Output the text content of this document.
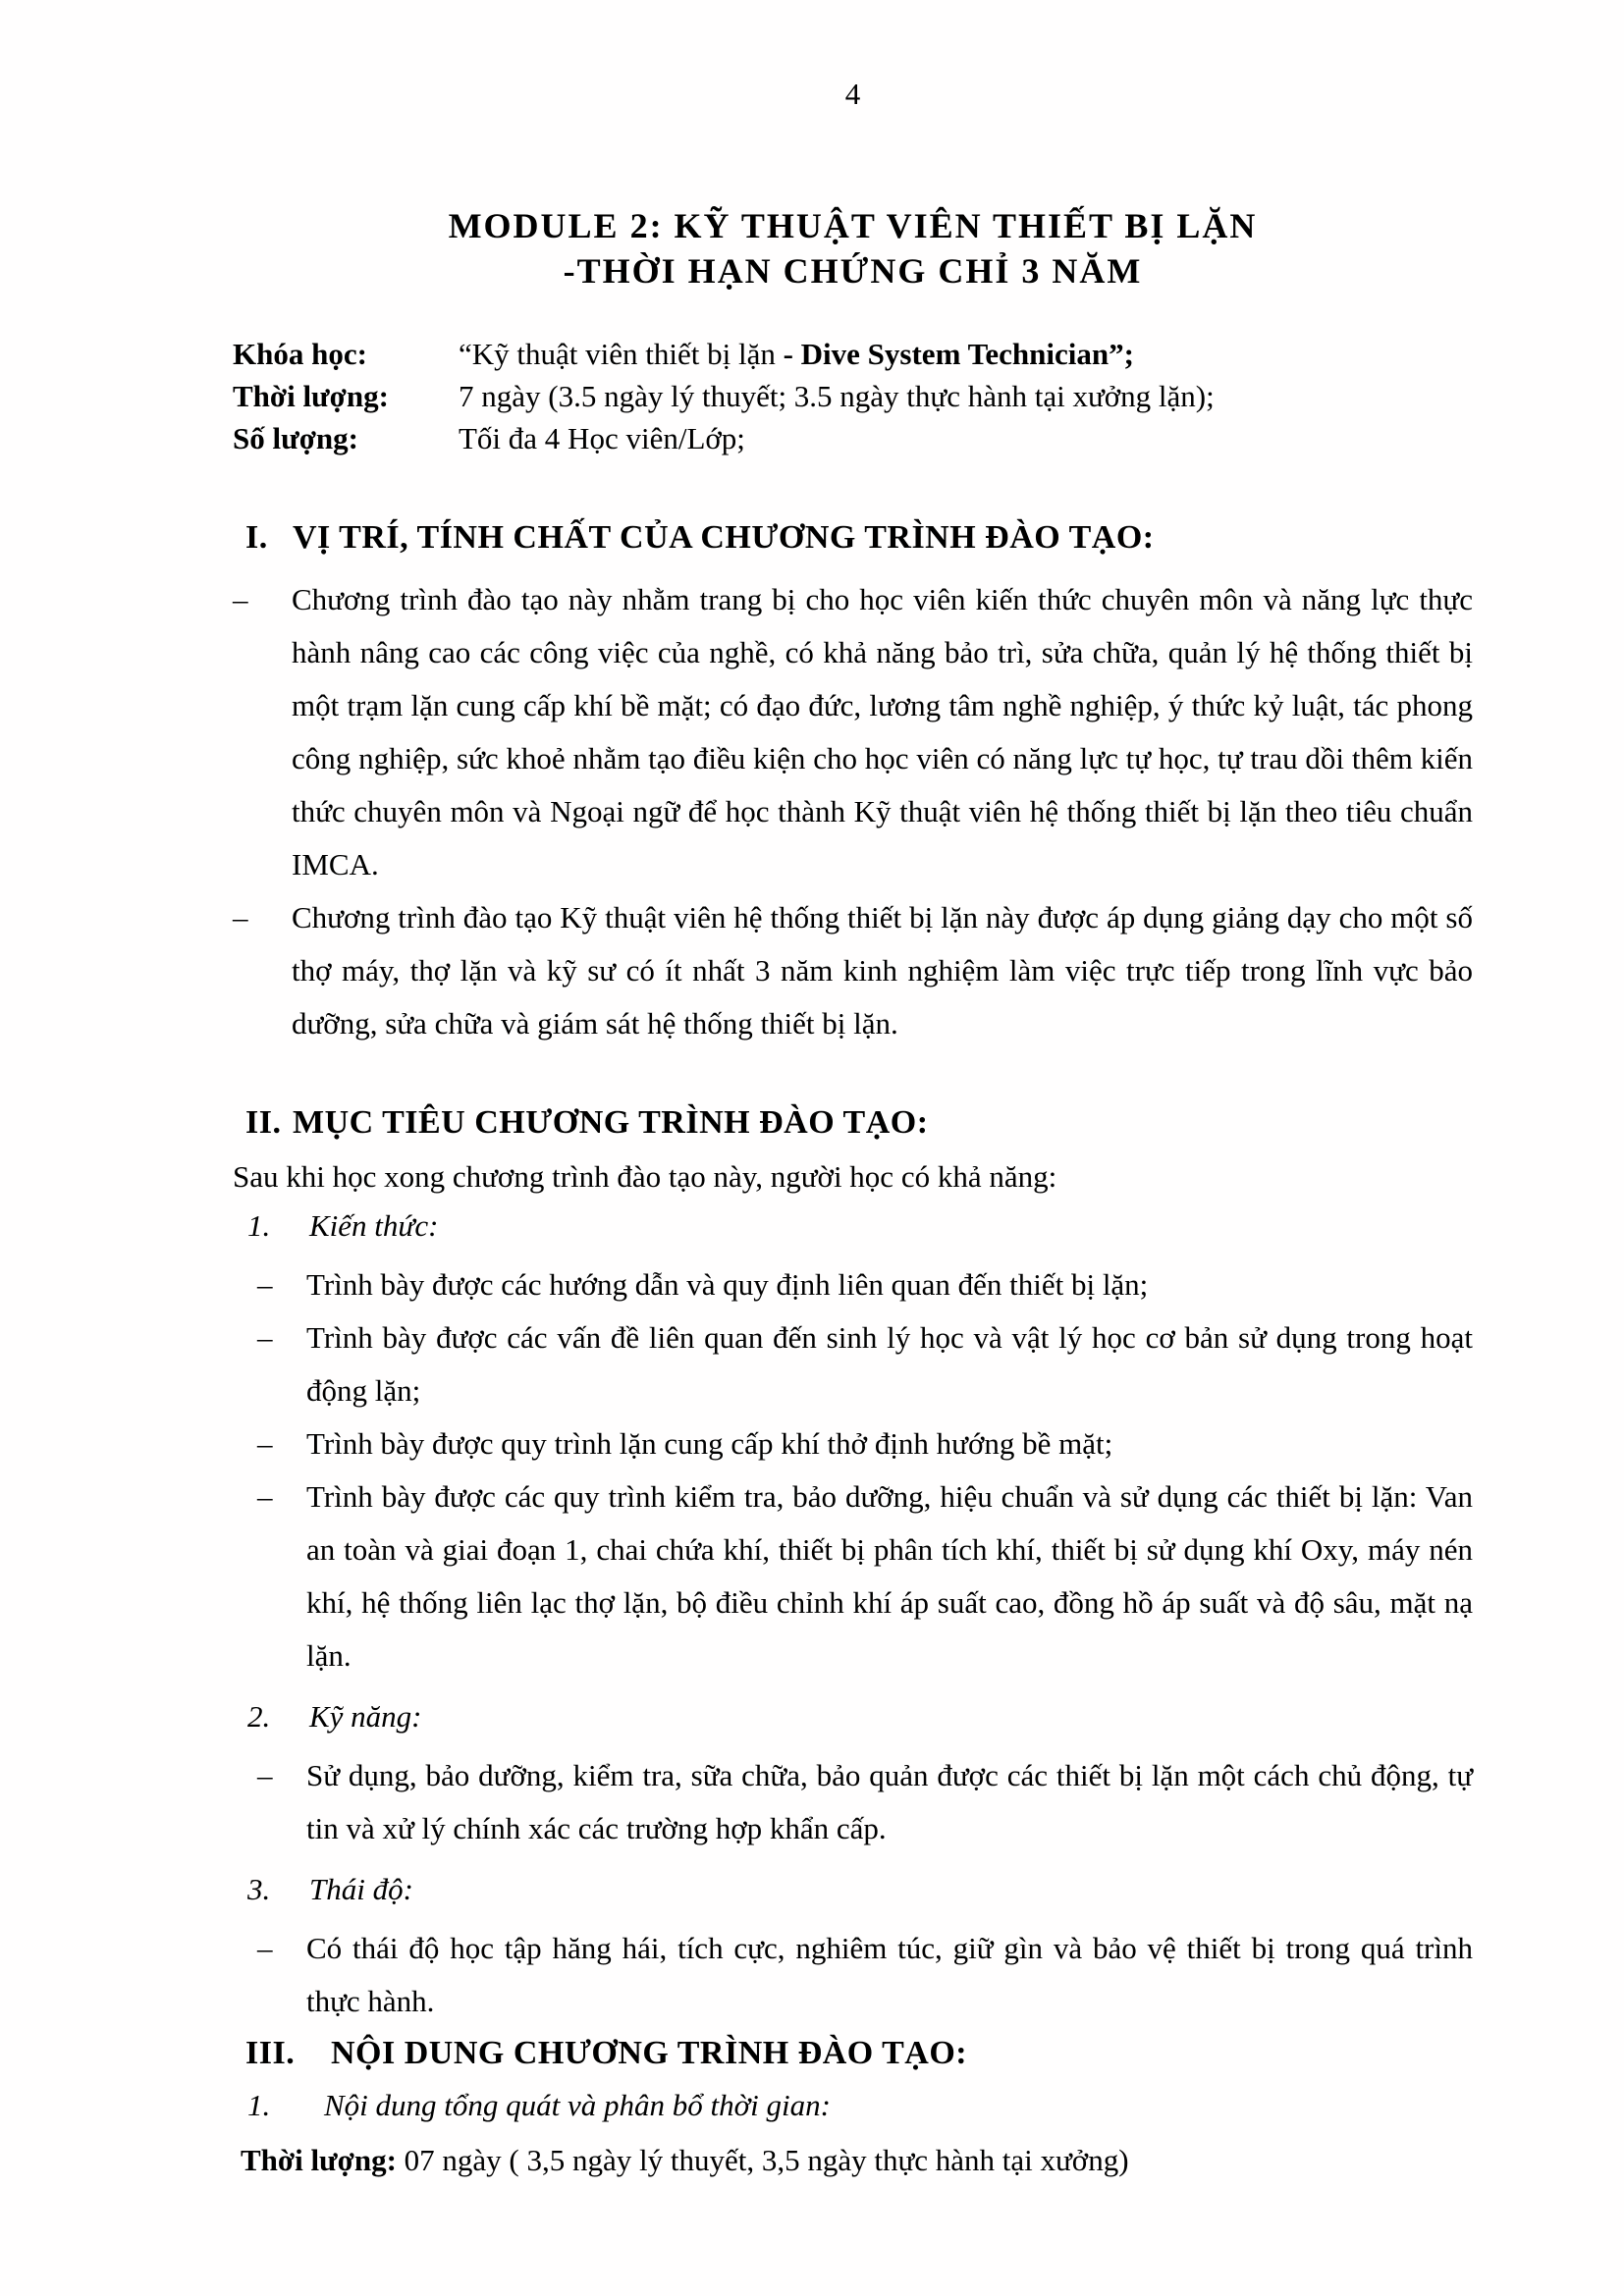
4
MODULE 2: KỸ THUẬT VIÊN THIẾT BỊ LẶN
-THỜI HẠN CHỨNG CHỈ 3 NĂM
Khóa học:	“Kỹ thuật viên thiết bị lặn - Dive System Technician”;
Thời lượng:	7 ngày (3.5 ngày lý thuyết; 3.5 ngày thực hành tại xưởng lặn);
Số lượng:	Tối đa 4 Học viên/Lớp;
I. VỊ TRÍ, TÍNH CHẤT CỦA CHƯƠNG TRÌNH ĐÀO TẠO:
–	Chương trình đào tạo này nhằm trang bị cho học viên kiến thức chuyên môn và năng lực thực hành nâng cao các công việc của nghề, có khả năng bảo trì, sửa chữa, quản lý hệ thống thiết bị một trạm lặn cung cấp khí bề mặt; có đạo đức, lương tâm nghề nghiệp, ý thức kỷ luật, tác phong công nghiệp, sức khoẻ nhằm tạo điều kiện cho học viên có năng lực tự học, tự trau dồi thêm kiến thức chuyên môn và Ngoại ngữ để học thành Kỹ thuật viên hệ thống thiết bị lặn theo tiêu chuẩn IMCA.
–	Chương trình đào tạo Kỹ thuật viên hệ thống thiết bị lặn này được áp dụng giảng dạy cho một số thợ máy, thợ lặn và kỹ sư có ít nhất 3 năm kinh nghiệm làm việc trực tiếp trong lĩnh vực bảo dưỡng, sửa chữa và giám sát hệ thống thiết bị lặn.
II. MỤC TIÊU CHƯƠNG TRÌNH ĐÀO TẠO:
Sau khi học xong chương trình đào tạo này, người học có khả năng:
1.	Kiến thức:
–	Trình bày được các hướng dẫn và quy định liên quan đến thiết bị lặn;
–	Trình bày được các vấn đề liên quan đến sinh lý học và vật lý học cơ bản sử dụng trong hoạt động lặn;
–	Trình bày được quy trình lặn cung cấp khí thở định hướng bề mặt;
–	Trình bày được các quy trình kiểm tra, bảo dưỡng, hiệu chuẩn và sử dụng các thiết bị lặn: Van an toàn và giai đoạn 1, chai chứa khí, thiết bị phân tích khí, thiết bị sử dụng khí Oxy, máy nén khí, hệ thống liên lạc thợ lặn, bộ điều chỉnh khí áp suất cao, đồng hồ áp suất và độ sâu, mặt nạ lặn.
2.	Kỹ năng:
–	Sử dụng, bảo dưỡng, kiểm tra, sữa chữa, bảo quản được các thiết bị lặn một cách chủ động, tự tin và xử lý chính xác các trường hợp khẩn cấp.
3.	Thái độ:
–	Có thái độ học tập hăng hái, tích cực, nghiêm túc, giữ gìn và bảo vệ thiết bị trong quá trình thực hành.
III.	NỘI DUNG CHƯƠNG TRÌNH ĐÀO TẠO:
1.	Nội dung tổng quát và phân bổ thời gian:
Thời lượng: 07 ngày ( 3,5 ngày lý thuyết, 3,5 ngày thực hành tại xưởng)
